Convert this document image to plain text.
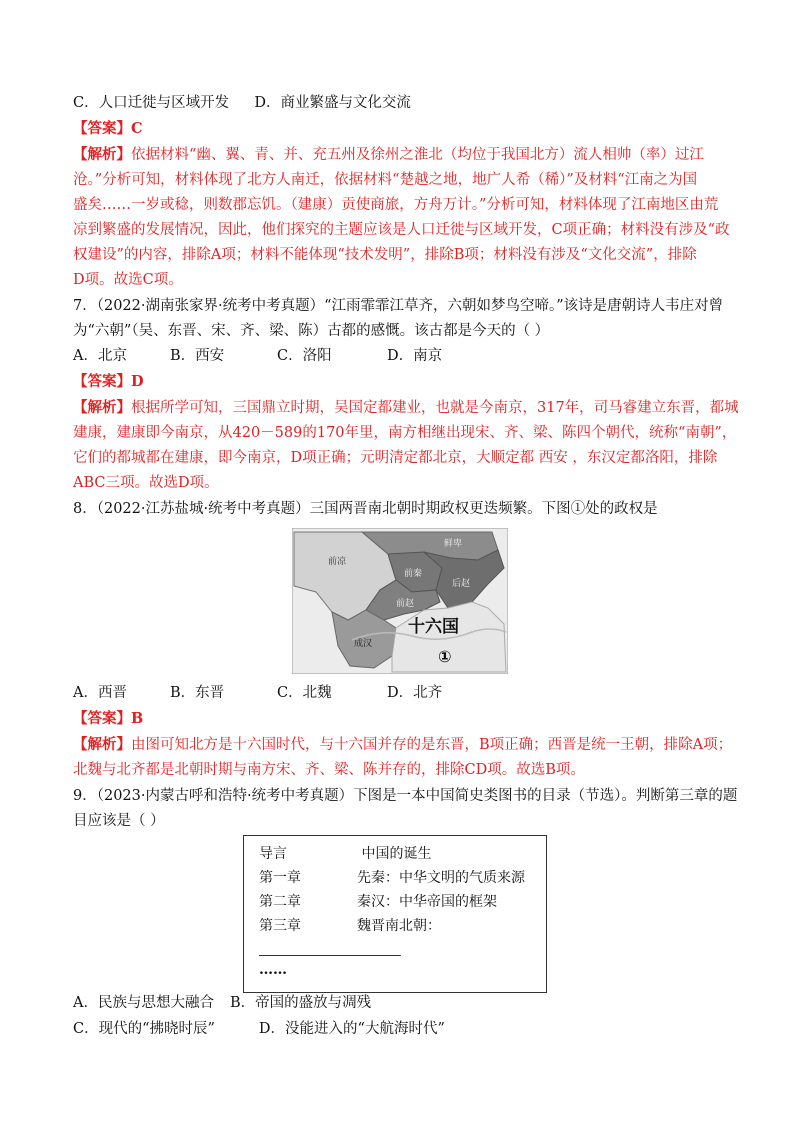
C．人口迁徙与区域开发 D．商业繁盛与文化交流
【答案】C
【解析】依据材料“幽、翼、青、并、充五州及徐州之淮北（均位于我国北方）流人相帅（率）过江
沧。”分析可知，材料体现了北方人南迁，依据材料“楚越之地，地广人希（稀）”及材料“江南之为国
盛矣……一岁或稔，则数郡忘饥。（建康）贡使商旅，方舟万计。”分析可知，材料体现了江南地区由荒
凉到繁盛的发展情况，因此，他们探究的主题应该是人口迁徙与区域开发，C项正确；材料没有涉及“政
权建设”的内容，排除A项；材料不能体现“技术发明”，排除B项；材料没有涉及“文化交流”，排除
D项。故选C项。
7．（2022·湖南张家界·统考中考真题）“江雨霏霏江草齐，六朝如梦鸟空啼。”该诗是唐朝诗人韦庄对曾
为“六朝”（吴、东晋、宋、齐、梁、陈）古都的感慨。该古都是今天的（ ）
A．北京	B．西安	C．洛阳	D．南京
【答案】D
【解析】根据所学可知，三国鼎立时期，吴国定都建业，也就是今南京，317年，司马睿建立东晋，都城
建康，建康即今南京，从420－589的170年里，南方相继出现宋、齐、梁、陈四个朝代，统称“南朝”，
它们的都城都在建康，即今南京，D项正确；元明清定都北京，大顺定都 西安 ，东汉定都洛阳，排除
ABC三项。故选D项。
8．（2022·江苏盐城·统考中考真题）三国两晋南北朝时期政权更迭频繁。下图①处的政权是
前凉
鲜卑
前秦
后赵
前赵
十六国
成汉
①
A．西晋	B．东晋	C．北魏	D．北齐
【答案】B
【解析】由图可知北方是十六国时代，与十六国并存的是东晋，B项正确；西晋是统一王朝，排除A项；
北魏与北齐都是北朝时期与南方宋、齐、梁、陈并存的，排除CD项。故选B项。
9．（2023·内蒙古呼和浩特·统考中考真题）下图是一本中国简史类图书的目录（节选）。判断第三章的题
目应该是（ ）
导言	中国的诞生
第一章	先秦：中华文明的气质来源
第二章	秦汉：中华帝国的框架
第三章	魏晋南北朝：
……
A．民族与思想大融合 B．帝国的盛放与凋残
C．现代的“拂晓时辰”	D．没能进入的“大航海时代”
